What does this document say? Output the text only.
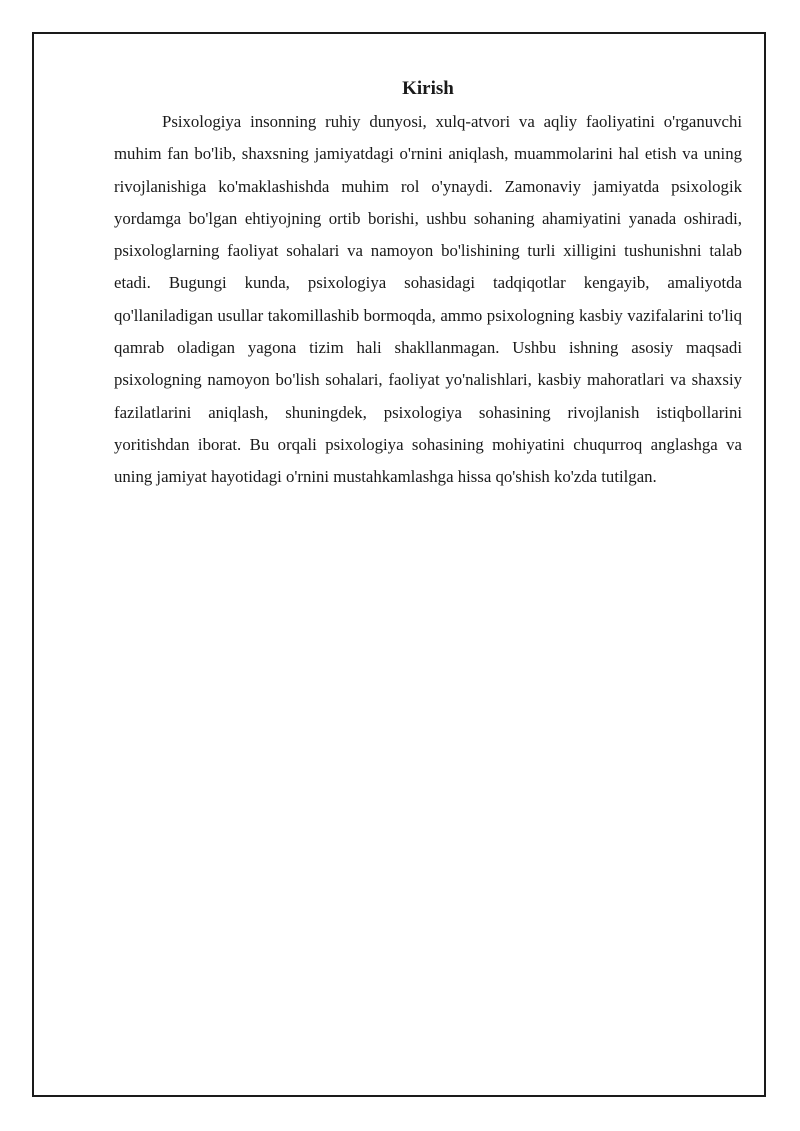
Kirish

Psixologiya insonning ruhiy dunyosi, xulq-atvori va aqliy faoliyatini o'rganuvchi muhim fan bo'lib, shaxsning jamiyatdagi o'rnini aniqlash, muammolarini hal etish va uning rivojlanishiga ko'maklashishda muhim rol o'ynaydi. Zamonaviy jamiyatda psixologik yordamga bo'lgan ehtiyojning ortib borishi, ushbu sohaning ahamiyatini yanada oshiradi, psixologlarning faoliyat sohalari va namoyon bo'lishining turli xilligini tushunishni talab etadi. Bugungi kunda, psixologiya sohasidagi tadqiqotlar kengayib, amaliyotda qo'llaniladigan usullar takomillashib bormoqda, ammo psixologning kasbiy vazifalarini to'liq qamrab oladigan yagona tizim hali shakllanmagan. Ushbu ishning asosiy maqsadi psixologning namoyon bo'lish sohalari, faoliyat yo'nalishlari, kasbiy mahoratlari va shaxsiy fazilatlarini aniqlash, shuningdek, psixologiya sohasining rivojlanish istiqbollarini yoritishdan iborat. Bu orqali psixologiya sohasining mohiyatini chuqurroq anglashga va uning jamiyat hayotidagi o'rnini mustahkamlashga hissa qo'shish ko'zda tutilgan.
